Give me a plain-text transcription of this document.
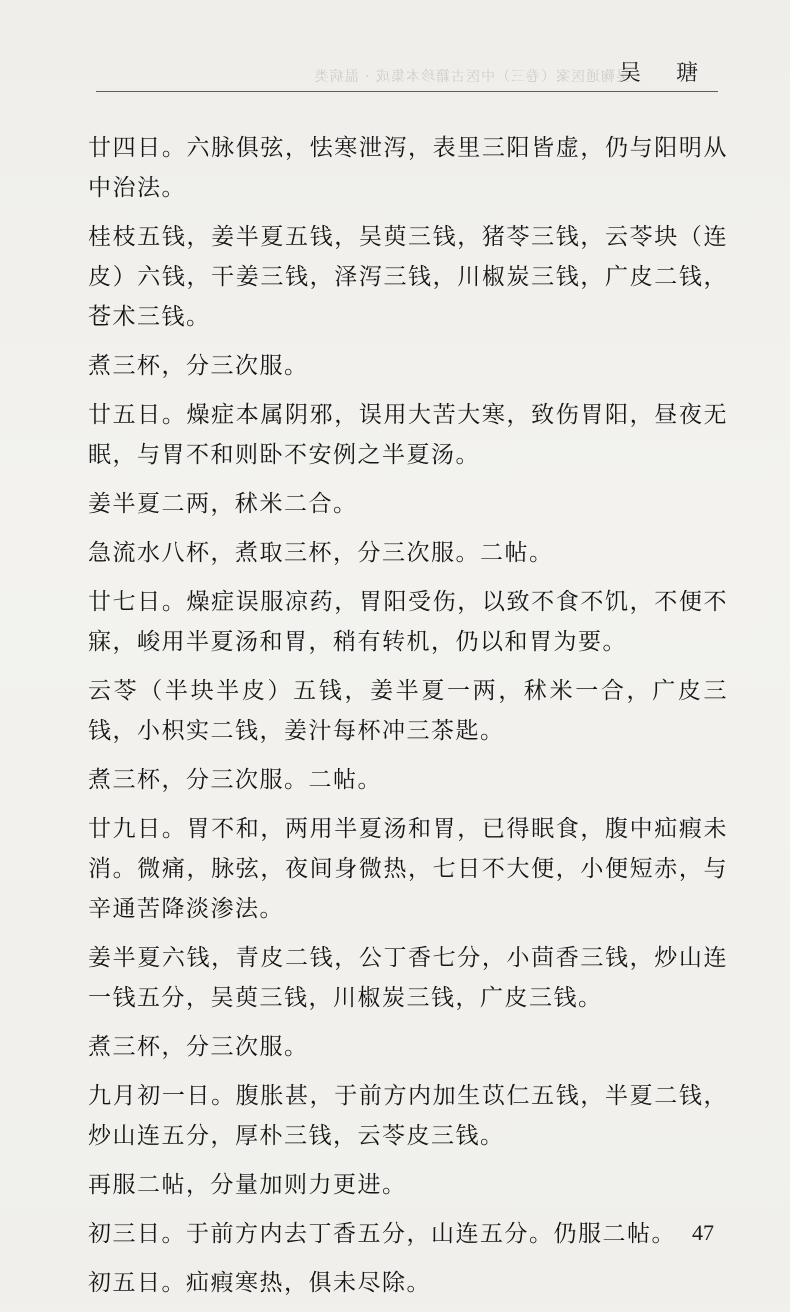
吴鞠通医案（卷三）中医古籍珍本集成 · 温病类
吴 瑭

廿四日。六脉俱弦，怯寒泄泻，表里三阳皆虚，仍与阳明从中治法。

桂枝五钱，姜半夏五钱，吴萸三钱，猪苓三钱，云苓块（连皮）六钱，干姜三钱，泽泻三钱，川椒炭三钱，广皮二钱，苍术三钱。

煮三杯，分三次服。

廿五日。燥症本属阴邪，误用大苦大寒，致伤胃阳，昼夜无眠，与胃不和则卧不安例之半夏汤。

姜半夏二两，秫米二合。

急流水八杯，煮取三杯，分三次服。二帖。

廿七日。燥症误服凉药，胃阳受伤，以致不食不饥，不便不寐，峻用半夏汤和胃，稍有转机，仍以和胃为要。

云苓（半块半皮）五钱，姜半夏一两，秫米一合，广皮三钱，小枳实二钱，姜汁每杯冲三茶匙。

煮三杯，分三次服。二帖。

廿九日。胃不和，两用半夏汤和胃，已得眠食，腹中疝瘕未消。微痛，脉弦，夜间身微热，七日不大便，小便短赤，与辛通苦降淡渗法。

姜半夏六钱，青皮二钱，公丁香七分，小茴香三钱，炒山连一钱五分，吴萸三钱，川椒炭三钱，广皮三钱。

煮三杯，分三次服。

九月初一日。腹胀甚，于前方内加生苡仁五钱，半夏二钱，炒山连五分，厚朴三钱，云苓皮三钱。

再服二帖，分量加则力更进。

初三日。于前方内去丁香五分，山连五分。仍服二帖。

初五日。疝瘕寒热，俱未尽除。

47
